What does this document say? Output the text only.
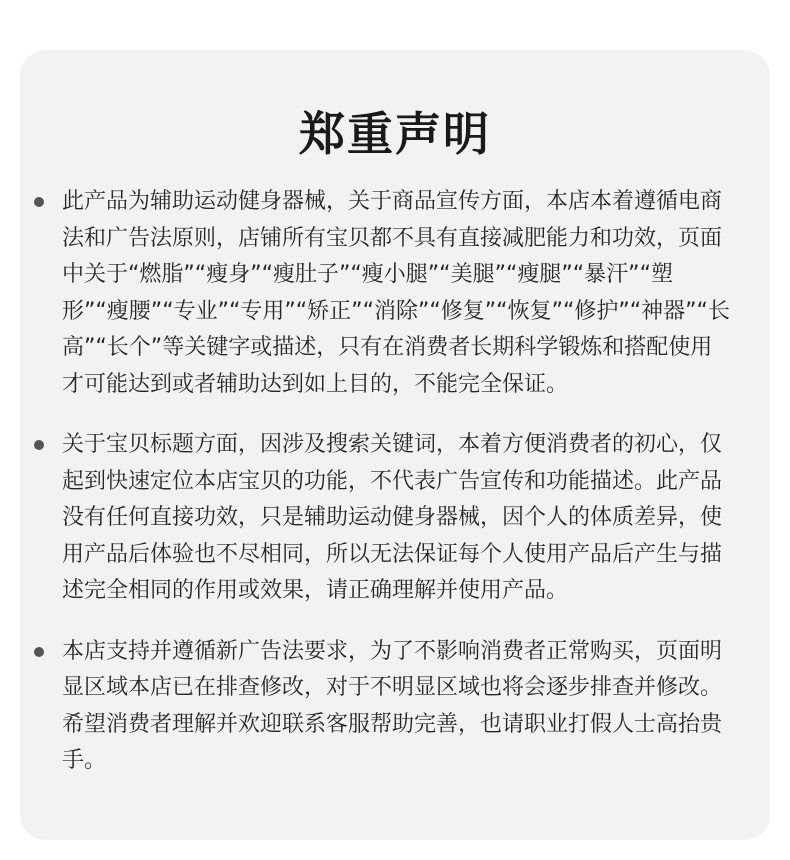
郑重声明
此产品为辅助运动健身器械，关于商品宣传方面，本店本着遵循电商法和广告法原则，店铺所有宝贝都不具有直接减肥能力和功效，页面中关于“燃脂”“瘦身”“瘦肚子”“瘦小腿”“美腿”“瘦腿”“暴汗”“塑形”“瘦腰”“专业”“专用”“矫正”“消除”“修复”“恢复”“修护”“神器”“长高”“长个”等关键字或描述，只有在消费者长期科学锻炼和搭配使用才可能达到或者辅助达到如上目的，不能完全保证。
关于宝贝标题方面，因涉及搜索关键词，本着方便消费者的初心，仅起到快速定位本店宝贝的功能，不代表广告宣传和功能描述。此产品没有任何直接功效，只是辅助运动健身器械，因个人的体质差异，使用产品后体验也不尽相同，所以无法保证每个人使用产品后产生与描述完全相同的作用或效果，请正确理解并使用产品。
本店支持并遵循新广告法要求，为了不影响消费者正常购买，页面明显区域本店已在排查修改，对于不明显区域也将会逐步排查并修改。希望消费者理解并欢迎联系客服帮助完善，也请职业打假人士高抬贵手。
